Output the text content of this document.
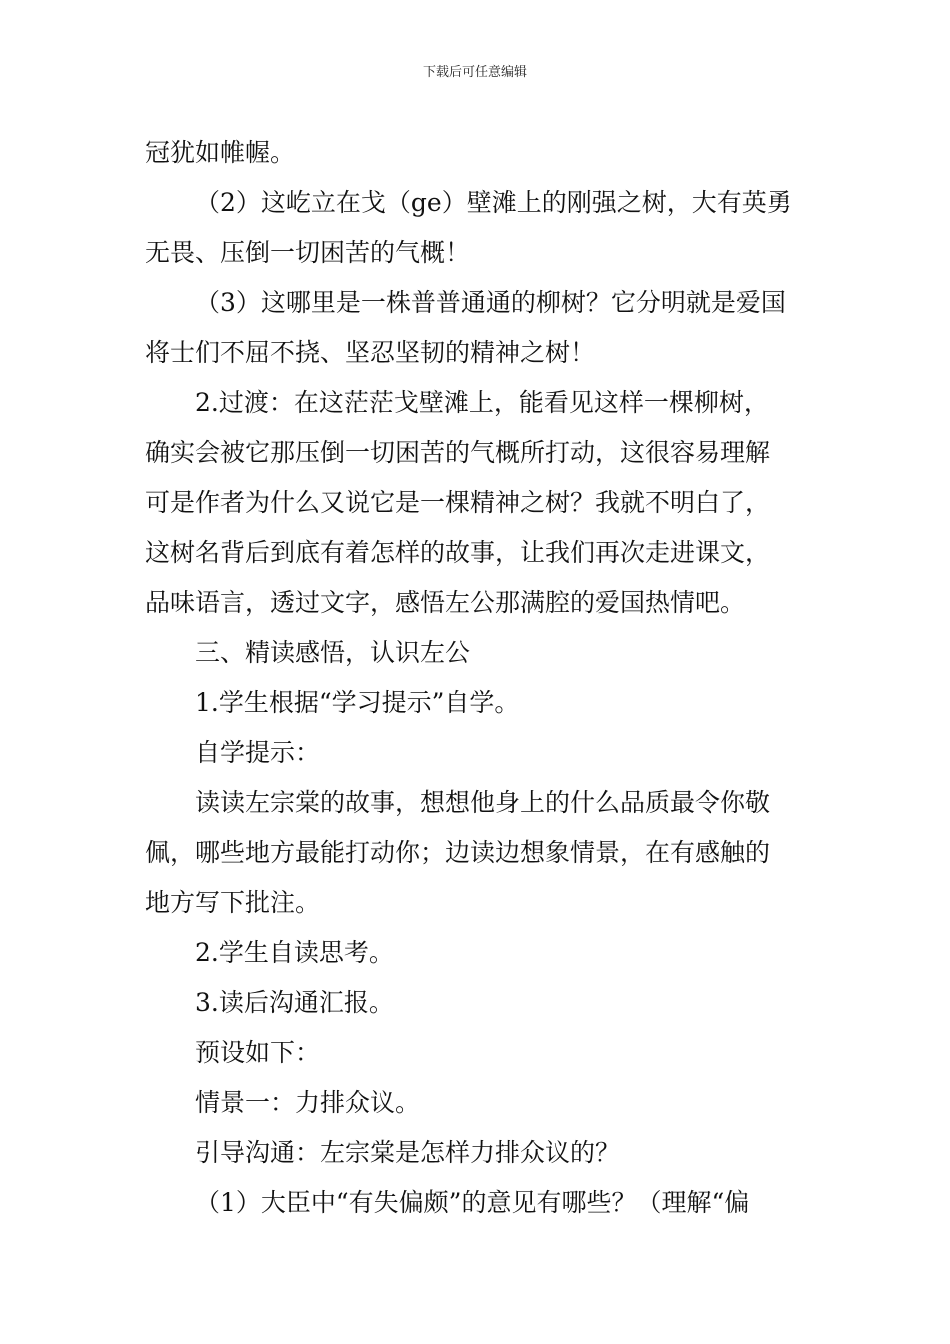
下载后可任意编辑
冠犹如帷幄。
（2）这屹立在戈（ge）壁滩上的刚强之树，大有英勇
无畏、压倒一切困苦的气概！
（3）这哪里是一株普普通通的柳树？它分明就是爱国
将士们不屈不挠、坚忍坚韧的精神之树！
2.过渡：在这茫茫戈壁滩上，能看见这样一棵柳树，
确实会被它那压倒一切困苦的气概所打动，这很容易理解
可是作者为什么又说它是一棵精神之树？我就不明白了，
这树名背后到底有着怎样的故事，让我们再次走进课文，
品味语言，透过文字，感悟左公那满腔的爱国热情吧。
三、精读感悟，认识左公
1.学生根据“学习提示”自学。
自学提示：
读读左宗棠的故事，想想他身上的什么品质最令你敬
佩，哪些地方最能打动你；边读边想象情景，在有感触的
地方写下批注。
2.学生自读思考。
3.读后沟通汇报。
预设如下：
情景一：力排众议。
引导沟通：左宗棠是怎样力排众议的？
（1）大臣中“有失偏颇”的意见有哪些？（理解“偏
